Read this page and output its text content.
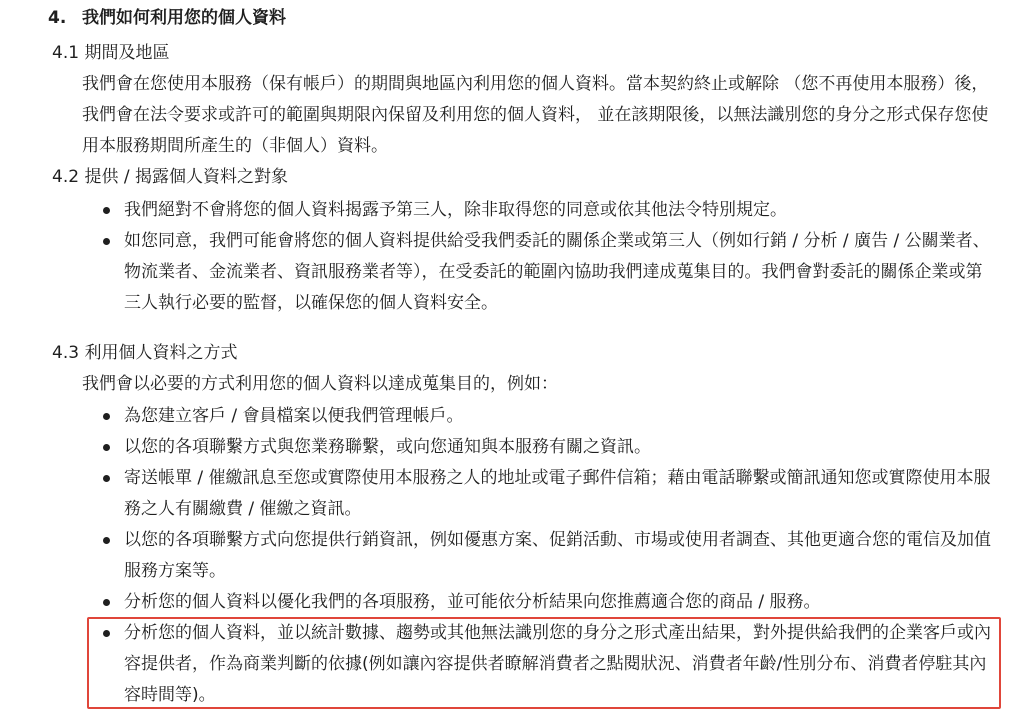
4. 我們如何利用您的個人資料
4.1 期間及地區
我們會在您使用本服務（保有帳戶）的期間與地區內利用您的個人資料。當本契約終止或解除 （您不再使用本服務）後，我們會在法令要求或許可的範圍與期限內保留及利用您的個人資料， 並在該期限後，以無法識別您的身分之形式保存您使用本服務期間所產生的（非個人）資料。
4.2 提供 / 揭露個人資料之對象
我們絕對不會將您的個人資料揭露予第三人，除非取得您的同意或依其他法令特別規定。
如您同意，我們可能會將您的個人資料提供給受我們委託的關係企業或第三人（例如行銷 / 分析 / 廣告 / 公關業者、 物流業者、金流業者、資訊服務業者等），在受委託的範圍內協助我們達成蒐集目的。我們會對委託的關係企業或第三人執行必要的監督，以確保您的個人資料安全。
4.3 利用個人資料之方式
我們會以必要的方式利用您的個人資料以達成蒐集目的，例如：
為您建立客戶 / 會員檔案以便我們管理帳戶。
以您的各項聯繫方式與您業務聯繫，或向您通知與本服務有關之資訊。
寄送帳單 / 催繳訊息至您或實際使用本服務之人的地址或電子郵件信箱；藉由電話聯繫或簡訊通知您或實際使用本服務之人有關繳費 / 催繳之資訊。
以您的各項聯繫方式向您提供行銷資訊，例如優惠方案、促銷活動、市場或使用者調查、其他更適合您的電信及加值服務方案等。
分析您的個人資料以優化我們的各項服務，並可能依分析結果向您推薦適合您的商品 / 服務。
分析您的個人資料，並以統計數據、趨勢或其他無法識別您的身分之形式產出結果，對外提供給我們的企業客戶或內容提供者，作為商業判斷的依據(例如讓內容提供者瞭解消費者之點閱狀況、消費者年齡/性別分布、消費者停駐其內容時間等)。
